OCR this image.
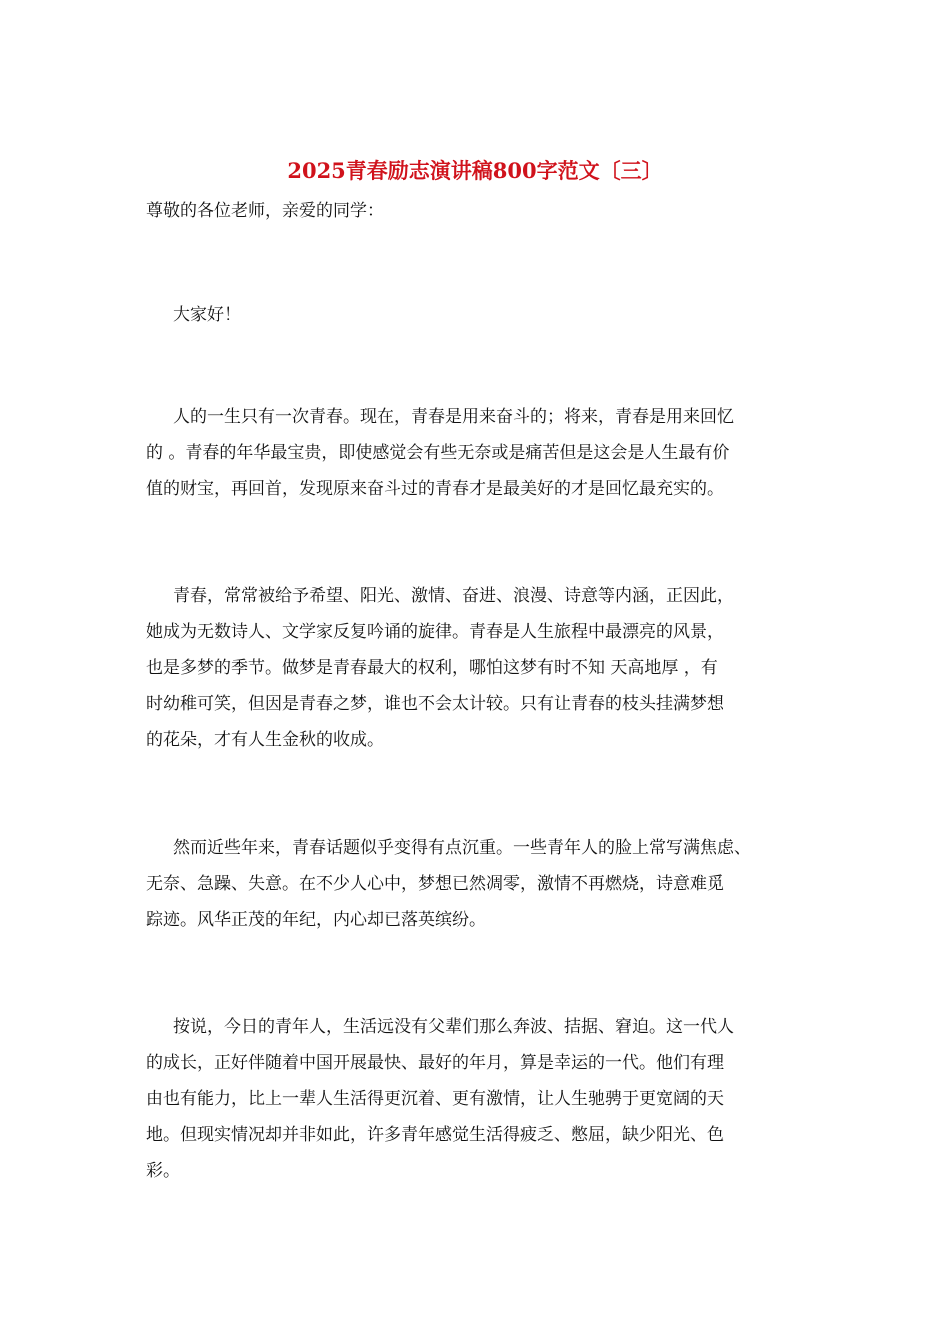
2025青春励志演讲稿800字范文〔三〕
尊敬的各位老师，亲爱的同学：
大家好！
人的一生只有一次青春。现在，青春是用来奋斗的；将来，青春是用来回忆
的 。青春的年华最宝贵，即使感觉会有些无奈或是痛苦但是这会是人生最有价
值的财宝，再回首，发现原来奋斗过的青春才是最美好的才是回忆最充实的。
青春，常常被给予希望、阳光、激情、奋进、浪漫、诗意等内涵，正因此，
她成为无数诗人、文学家反复吟诵的旋律。青春是人生旅程中最漂亮的风景，
也是多梦的季节。做梦是青春最大的权利，哪怕这梦有时不知 天高地厚 ，有
时幼稚可笑，但因是青春之梦，谁也不会太计较。只有让青春的枝头挂满梦想
的花朵，才有人生金秋的收成。
然而近些年来，青春话题似乎变得有点沉重。一些青年人的脸上常写满焦虑、
无奈、急躁、失意。在不少人心中，梦想已然凋零，激情不再燃烧，诗意难觅
踪迹。风华正茂的年纪，内心却已落英缤纷。
按说，今日的青年人，生活远没有父辈们那么奔波、拮据、窘迫。这一代人
的成长，正好伴随着中国开展最快、最好的年月，算是幸运的一代。他们有理
由也有能力，比上一辈人生活得更沉着、更有激情，让人生驰骋于更宽阔的天
地。但现实情况却并非如此，许多青年感觉生活得疲乏、憋屈，缺少阳光、色
彩。
